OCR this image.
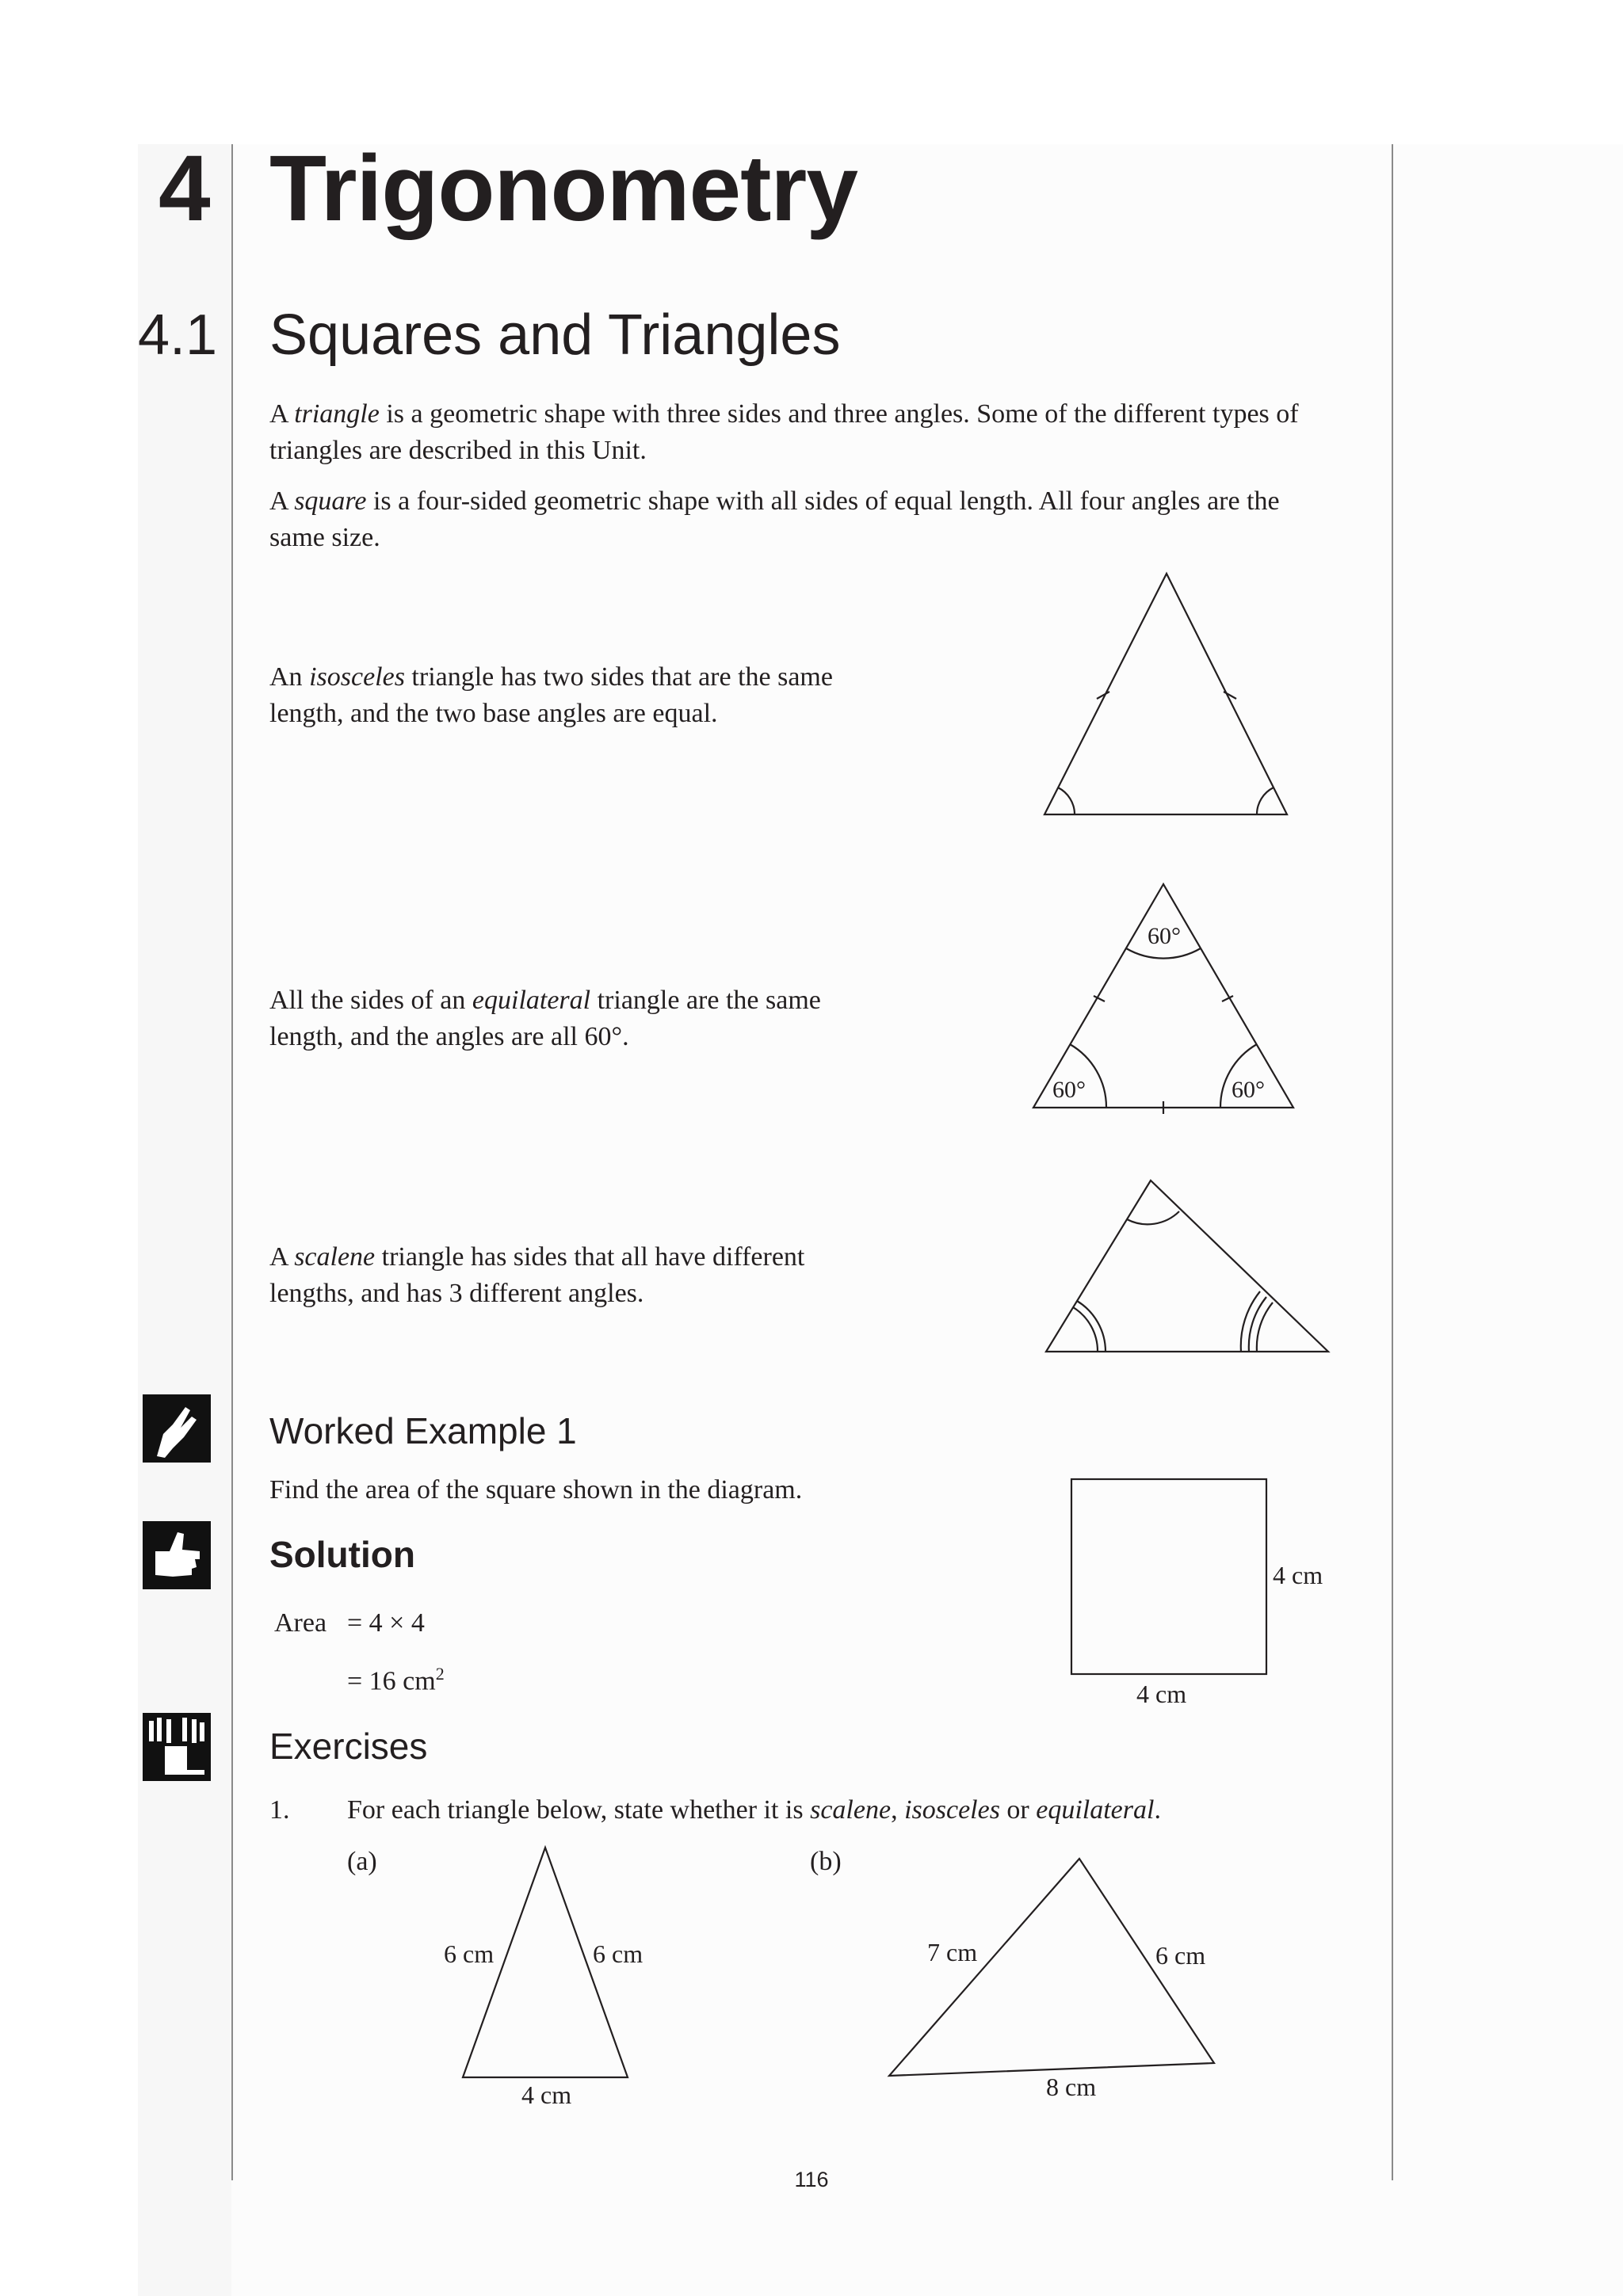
4 Trigonometry
4.1 Squares and Triangles
A triangle is a geometric shape with three sides and three angles. Some of the different types of triangles are described in this Unit.
A square is a four-sided geometric shape with all sides of equal length. All four angles are the same size.
An isosceles triangle has two sides that are the same length, and the two base angles are equal.
All the sides of an equilateral triangle are the same length, and the angles are all 60°.
A scalene triangle has sides that all have different lengths, and has 3 different angles.
60°
60°	60°
Worked Example 1
Find the area of the square shown in the diagram.
Solution
Area = 4 × 4
= 16 $cm^2$
4 cm
4 cm
Exercises
1.	For each triangle below, state whether it is scalene, isosceles or equilateral.
(a)
6 cm	6 cm
4 cm
(b)
7 cm	6 cm
8 cm
116
